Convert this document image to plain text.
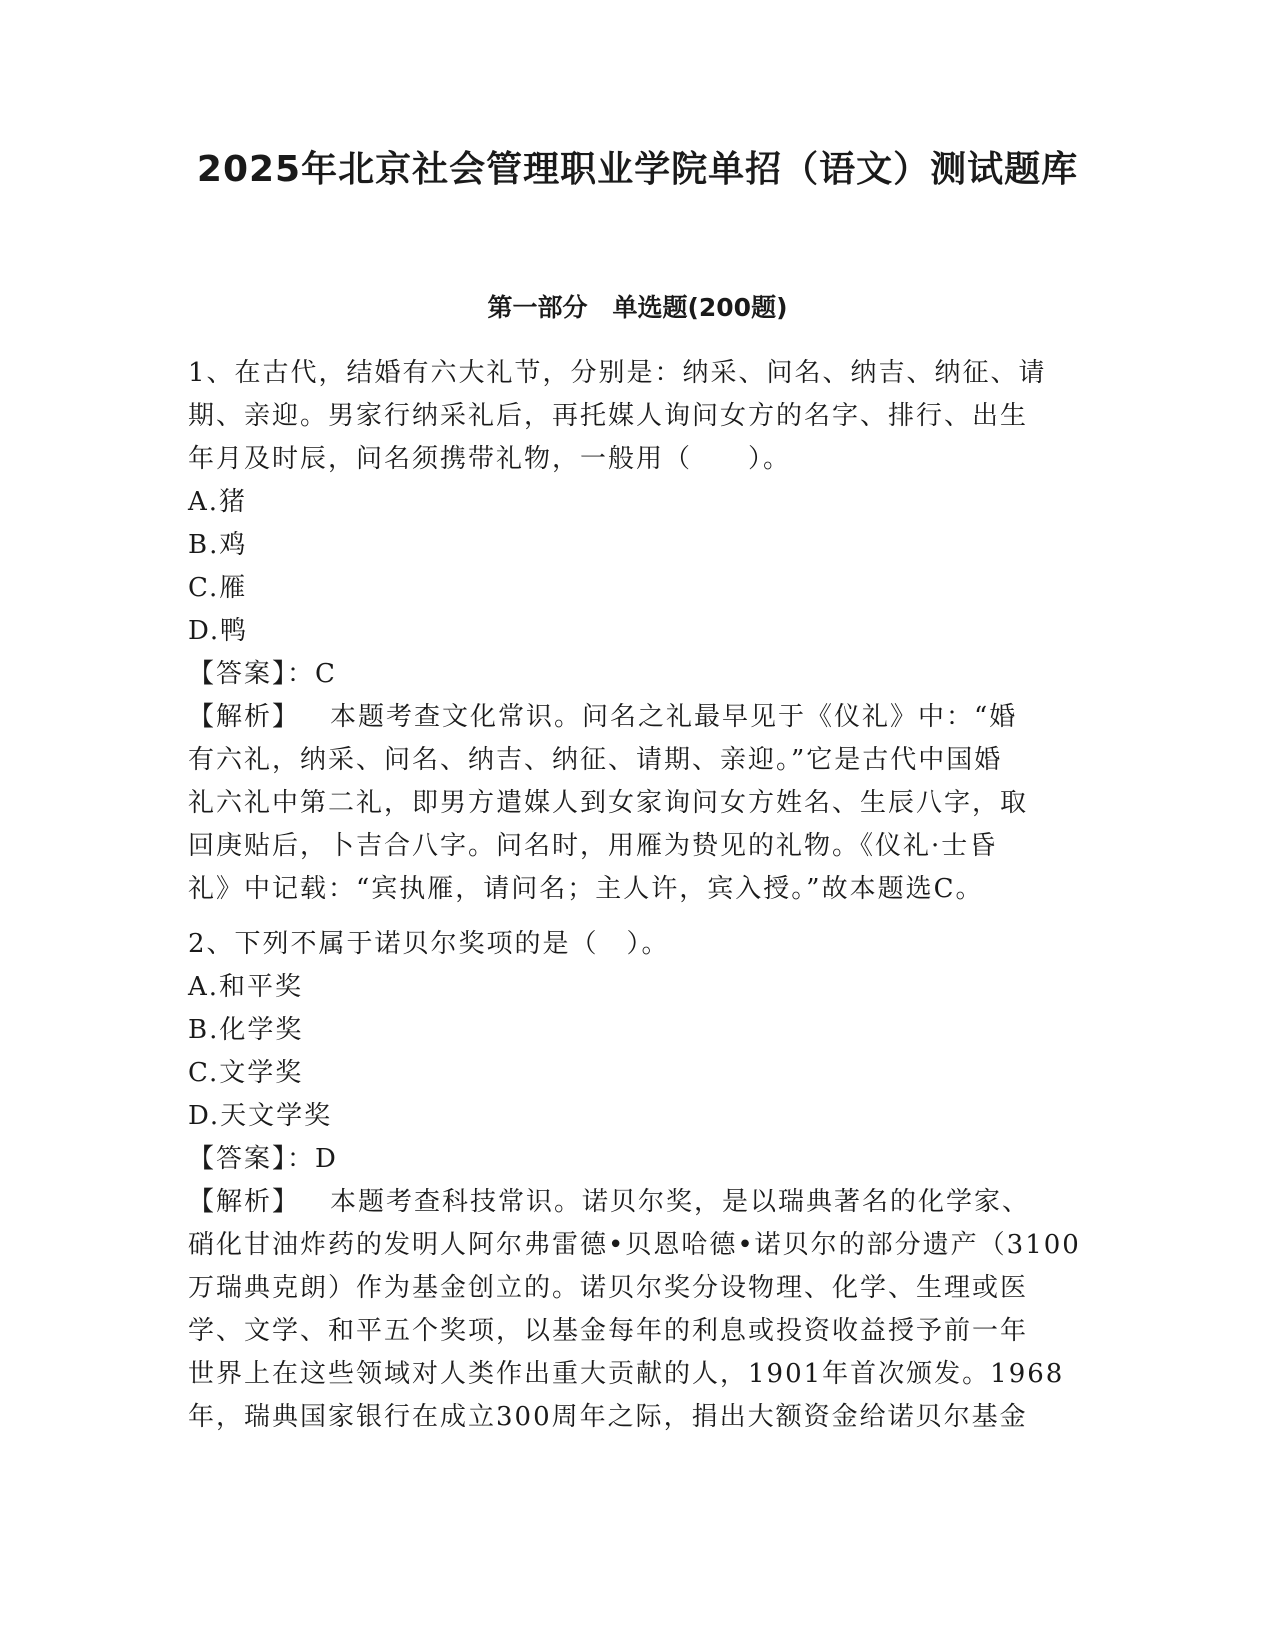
2025年北京社会管理职业学院单招（语文）测试题库
第一部分　单选题(200题)
1、在古代，结婚有六大礼节，分别是：纳采、问名、纳吉、纳征、请
期、亲迎。男家行纳采礼后，再托媒人询问女方的名字、排行、出生
年月及时辰，问名须携带礼物，一般用（　　）。
A.猪
B.鸡
C.雁
D.鸭
【答案】：C
【解析】 本题考查文化常识。问名之礼最早见于《仪礼》中：“婚
有六礼，纳采、问名、纳吉、纳征、请期、亲迎。”它是古代中国婚
礼六礼中第二礼，即男方遣媒人到女家询问女方姓名、生辰八字，取
回庚贴后，卜吉合八字。问名时，用雁为贽见的礼物。《仪礼·士昏
礼》中记载：“宾执雁，请问名；主人许，宾入授。”故本题选C。
2、下列不属于诺贝尔奖项的是（　）。
A.和平奖
B.化学奖
C.文学奖
D.天文学奖
【答案】：D
【解析】 本题考查科技常识。诺贝尔奖，是以瑞典著名的化学家、
硝化甘油炸药的发明人阿尔弗雷德•贝恩哈德•诺贝尔的部分遗产（3100
万瑞典克朗）作为基金创立的。诺贝尔奖分设物理、化学、生理或医
学、文学、和平五个奖项，以基金每年的利息或投资收益授予前一年
世界上在这些领域对人类作出重大贡献的人，1901年首次颁发。1968
年，瑞典国家银行在成立300周年之际，捐出大额资金给诺贝尔基金
